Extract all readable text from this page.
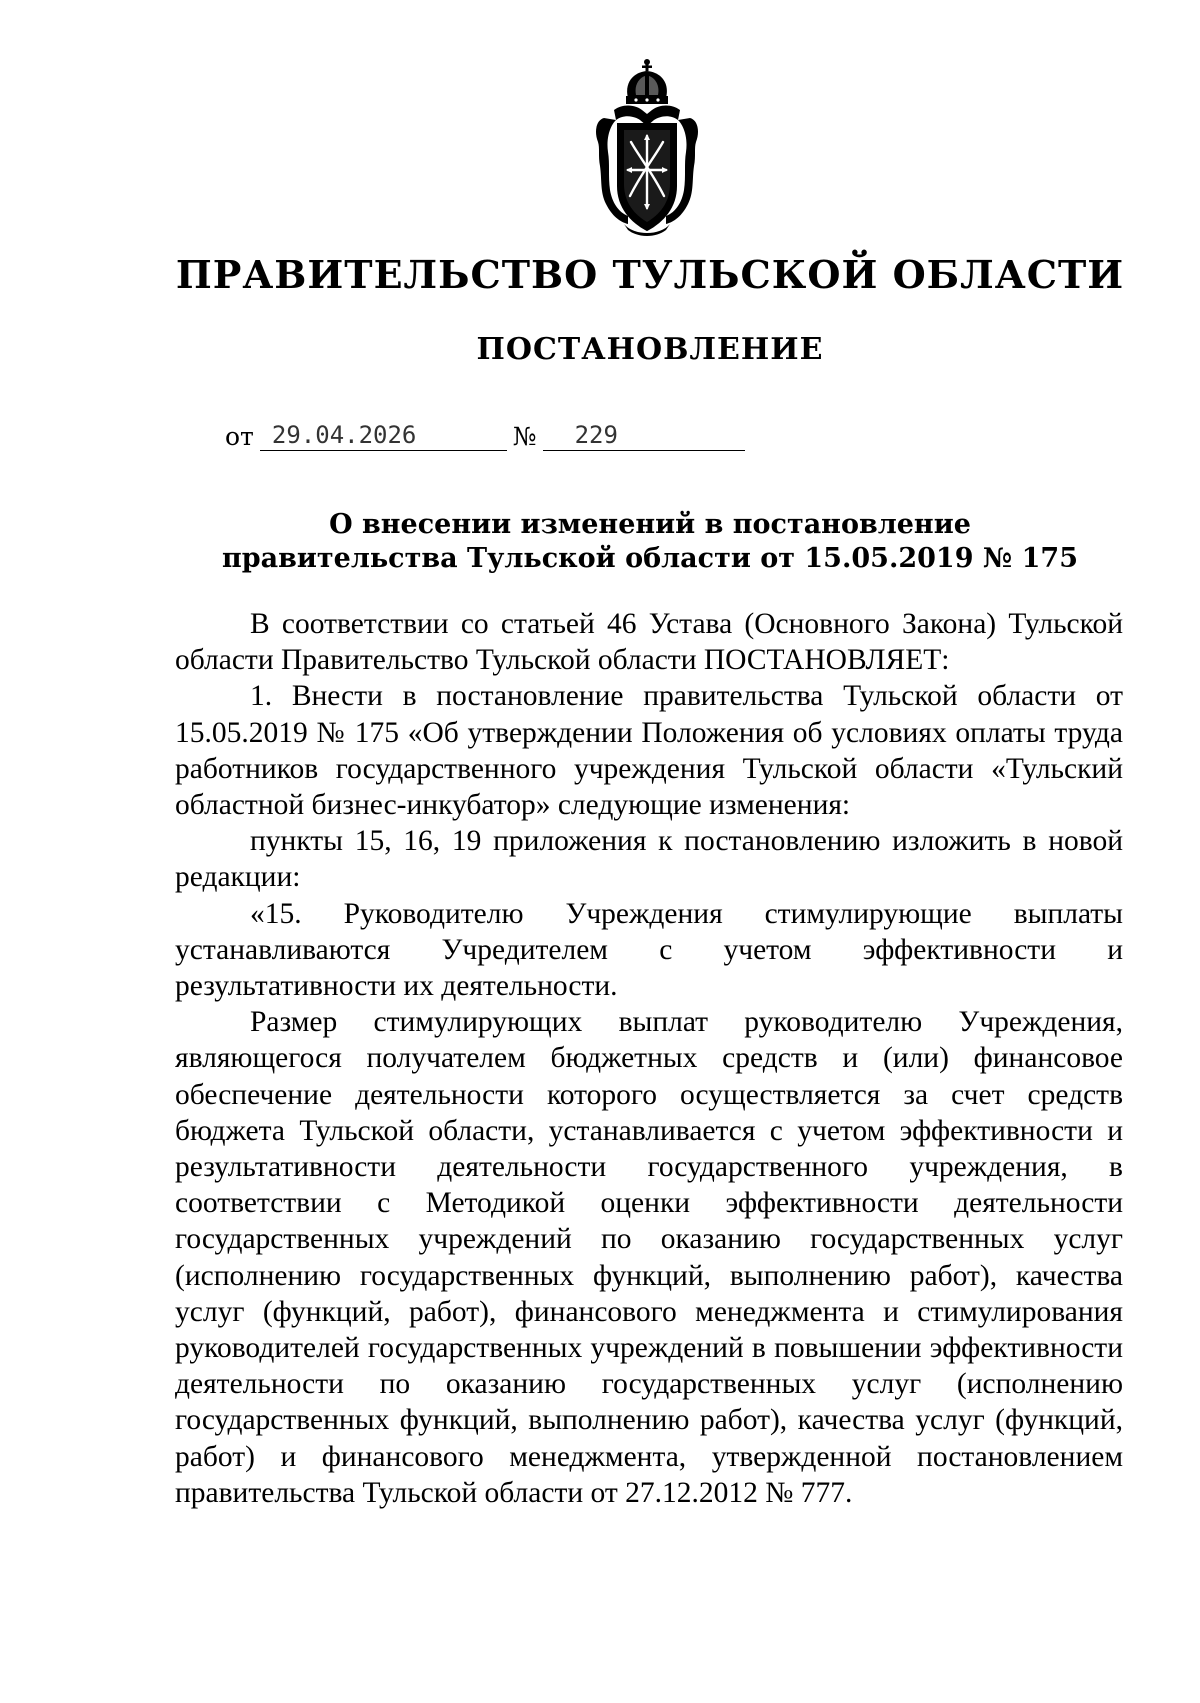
ПРАВИТЕЛЬСТВО ТУЛЬСКОЙ ОБЛАСТИ
ПОСТАНОВЛЕНИЕ
от 29.04.2026	№	229
О внесении изменений в постановление
правительства Тульской области от 15.05.2019 № 175

В соответствии со статьей 46 Устава (Основного Закона) Тульской области Правительство Тульской области ПОСТАНОВЛЯЕТ:

1. Внести в постановление правительства Тульской области от 15.05.2019 № 175 «Об утверждении Положения об условиях оплаты труда работников государственного учреждения Тульской области «Тульский областной бизнес-инкубатор» следующие изменения:

пункты 15, 16, 19 приложения к постановлению изложить в новой редакции:

«15. Руководителю Учреждения стимулирующие выплаты устанавливаются Учредителем с учетом эффективности и результативности их деятельности.

Размер стимулирующих выплат руководителю Учреждения, являющегося получателем бюджетных средств и (или) финансовое обеспечение деятельности которого осуществляется за счет средств бюджета Тульской области, устанавливается с учетом эффективности и результативности деятельности государственного учреждения, в соответствии с Методикой оценки эффективности деятельности государственных учреждений по оказанию государственных услуг (исполнению государственных функций, выполнению работ), качества услуг (функций, работ), финансового менеджмента и стимулирования руководителей государственных учреждений в повышении эффективности деятельности по оказанию государственных услуг (исполнению государственных функций, выполнению работ), качества услуг (функций, работ) и финансового менеджмента, утвержденной постановлением правительства Тульской области от 27.12.2012 № 777.
